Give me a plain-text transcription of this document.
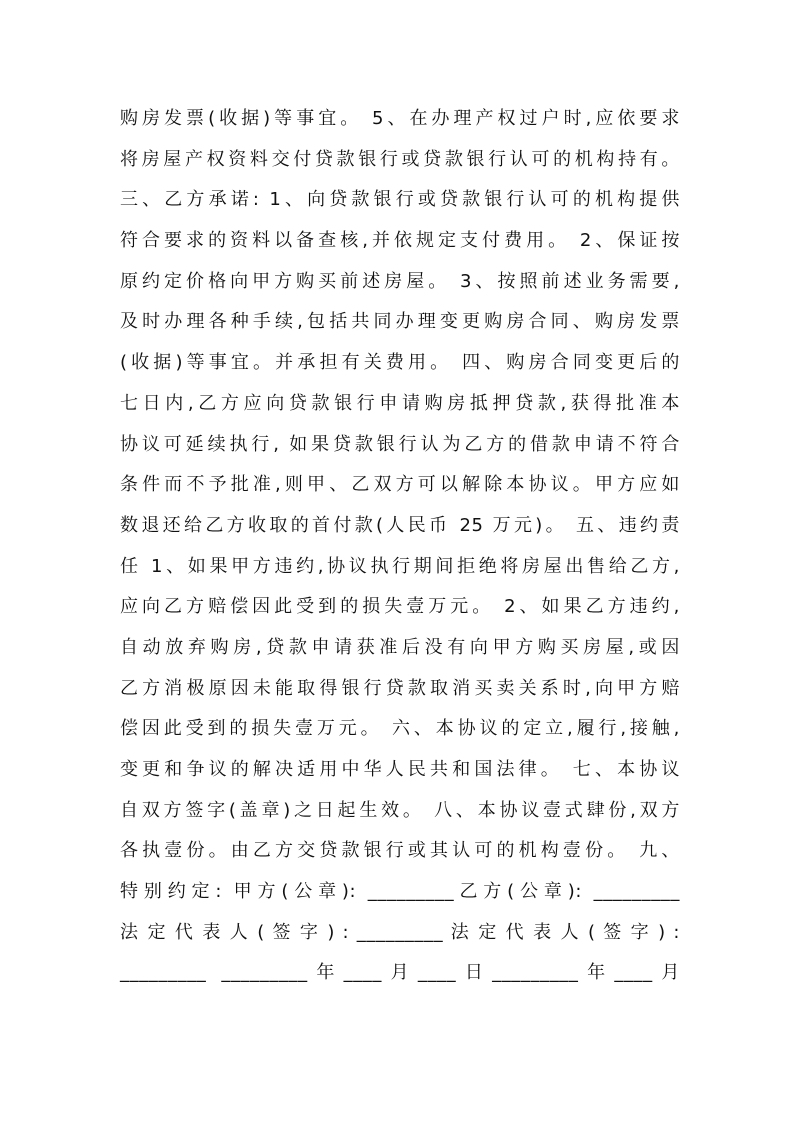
购房发票(收据)等事宜。 5、在办理产权过户时,应依要求
将房屋产权资料交付贷款银行或贷款银行认可的机构持有。
三、乙方承诺: 1、向贷款银行或贷款银行认可的机构提供
符合要求的资料以备查核,并依规定支付费用。 2、保证按
原约定价格向甲方购买前述房屋。 3、按照前述业务需要,
及时办理各种手续,包括共同办理变更购房合同、购房发票
(收据)等事宜。并承担有关费用。 四、购房合同变更后的
七日内,乙方应向贷款银行申请购房抵押贷款,获得批准本
协议可延续执行, 如果贷款银行认为乙方的借款申请不符合
条件而不予批准,则甲、乙双方可以解除本协议。甲方应如
数退还给乙方收取的首付款(人民币 25 万元)。 五、违约责
任 1、如果甲方违约,协议执行期间拒绝将房屋出售给乙方,
应向乙方赔偿因此受到的损失壹万元。 2、如果乙方违约,
自动放弃购房,贷款申请获准后没有向甲方购买房屋,或因
乙方消极原因未能取得银行贷款取消买卖关系时,向甲方赔
偿因此受到的损失壹万元。 六、本协议的定立,履行,接触,
变更和争议的解决适用中华人民共和国法律。 七、本协议
自双方签字(盖章)之日起生效。 八、本协议壹式肆份,双方
各执壹份。由乙方交贷款银行或其认可的机构壹份。 九、
特别约定: 甲方(公章): _________乙方(公章): _________
法 定 代 表 人 ( 签 字 ) : _________ 法 定 代 表 人 ( 签 字 ) :
_________ _________年____月____日_________年____月
